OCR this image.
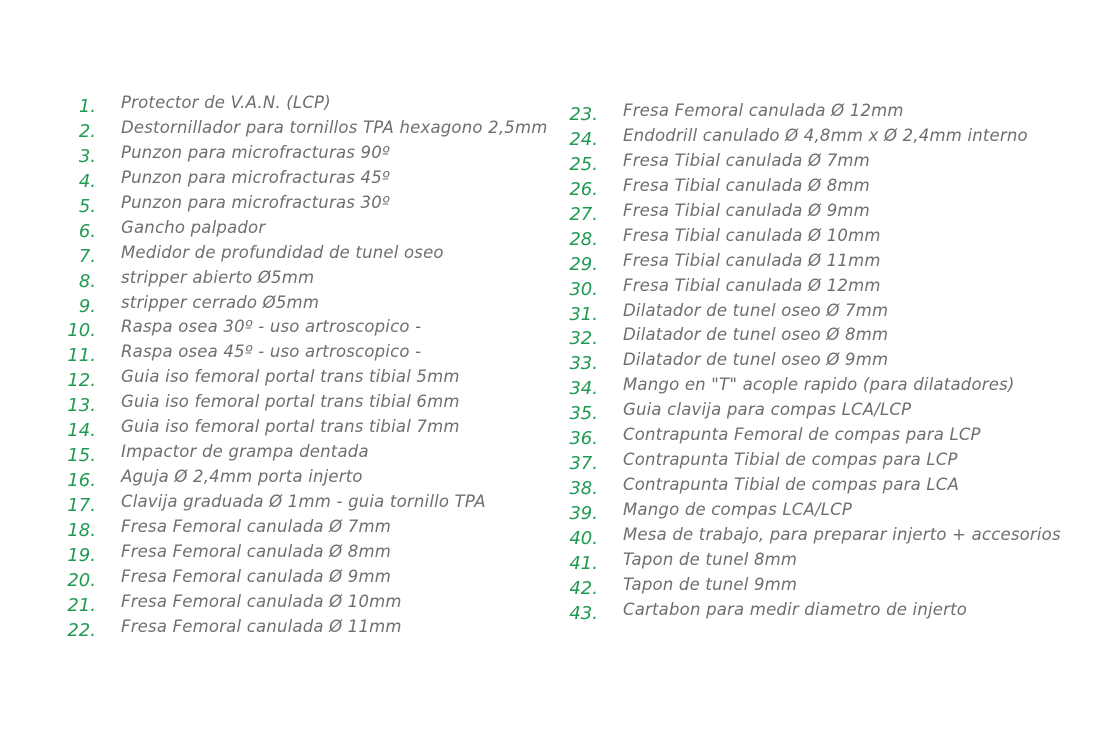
1. Protector de V.A.N. (LCP)
2. Destornillador para tornillos TPA hexagono 2,5mm
3. Punzon para microfracturas 90º
4. Punzon para microfracturas 45º
5. Punzon para microfracturas 30º
6. Gancho palpador
7. Medidor de profundidad de tunel oseo
8. stripper abierto Ø5mm
9. stripper cerrado Ø5mm
10. Raspa osea 30º - uso artroscopico -
11. Raspa osea 45º - uso artroscopico -
12. Guia iso femoral portal trans tibial 5mm
13. Guia iso femoral portal trans tibial 6mm
14. Guia iso femoral portal trans tibial 7mm
15. Impactor de grampa dentada
16. Aguja Ø 2,4mm porta injerto
17. Clavija graduada Ø 1mm - guia tornillo TPA
18. Fresa Femoral canulada Ø 7mm
19. Fresa Femoral canulada Ø 8mm
20. Fresa Femoral canulada Ø 9mm
21. Fresa Femoral canulada Ø 10mm
22. Fresa Femoral canulada Ø 11mm
23. Fresa Femoral canulada Ø 12mm
24. Endodrill canulado Ø 4,8mm x Ø 2,4mm interno
25. Fresa Tibial canulada Ø 7mm
26. Fresa Tibial canulada Ø 8mm
27. Fresa Tibial canulada Ø 9mm
28. Fresa Tibial canulada Ø 10mm
29. Fresa Tibial canulada Ø 11mm
30. Fresa Tibial canulada Ø 12mm
31. Dilatador de tunel oseo Ø 7mm
32. Dilatador de tunel oseo Ø 8mm
33. Dilatador de tunel oseo Ø 9mm
34. Mango en "T" acople rapido (para dilatadores)
35. Guia clavija para compas LCA/LCP
36. Contrapunta Femoral de compas para LCP
37. Contrapunta Tibial de compas para LCP
38. Contrapunta Tibial de compas para LCA
39. Mango de compas LCA/LCP
40. Mesa de trabajo, para preparar injerto + accesorios
41. Tapon de tunel 8mm
42. Tapon de tunel 9mm
43. Cartabon para medir diametro de injerto
